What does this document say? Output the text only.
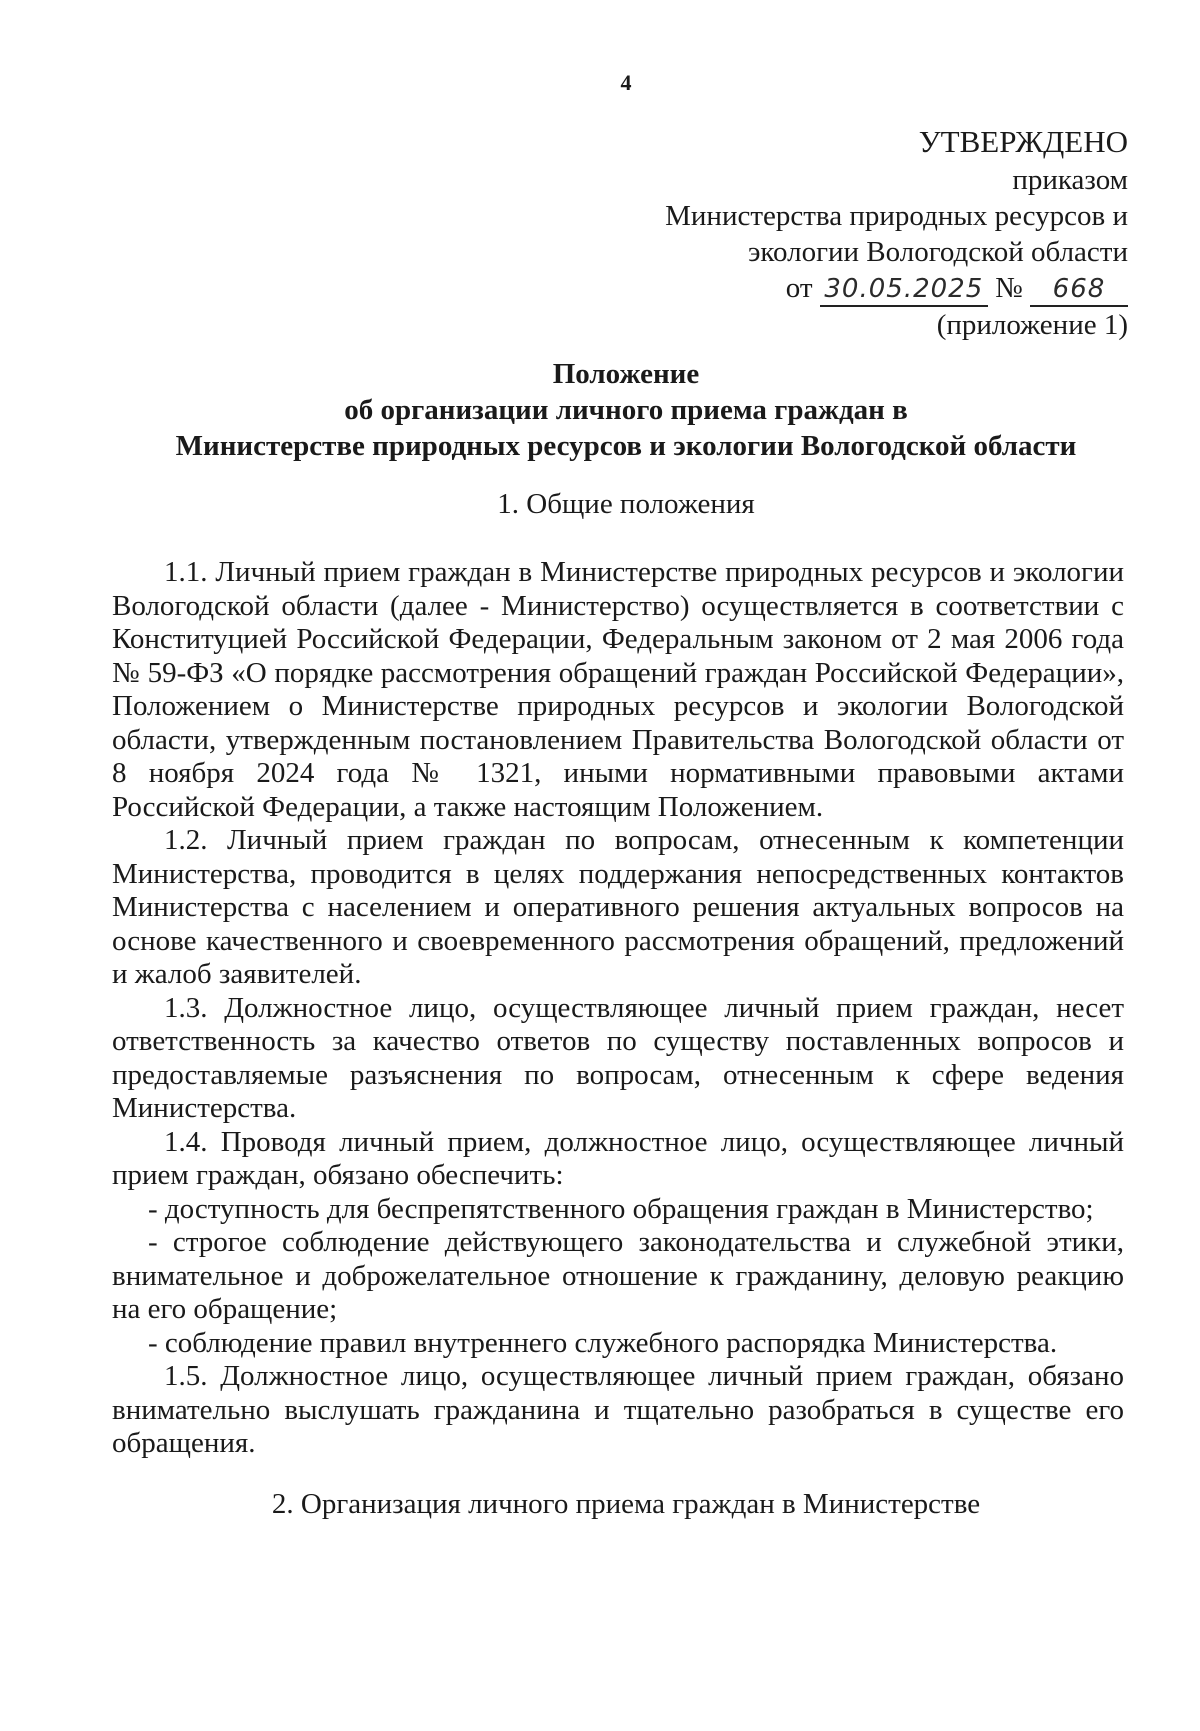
4
УТВЕРЖДЕНО
приказом
Министерства природных ресурсов и
экологии Вологодской области
от 30.05.2025 № 668
(приложение 1)
Положение
об организации личного приема граждан в
Министерстве природных ресурсов и экологии Вологодской области
1. Общие положения

1.1. Личный прием граждан в Министерстве природных ресурсов и экологии Вологодской области (далее - Министерство) осуществляется в соответствии с Конституцией Российской Федерации, Федеральным законом от 2 мая 2006 года № 59-ФЗ «О порядке рассмотрения обращений граждан Российской Федерации», Положением о Министерстве природных ресурсов и экологии Вологодской области, утвержденным постановлением Правительства Вологодской области от 8 ноября 2024 года № 1321, иными нормативными правовыми актами Российской Федерации, а также настоящим Положением.

1.2. Личный прием граждан по вопросам, отнесенным к компетенции Министерства, проводится в целях поддержания непосредственных контактов Министерства с населением и оперативного решения актуальных вопросов на основе качественного и своевременного рассмотрения обращений, предложений и жалоб заявителей.

1.3. Должностное лицо, осуществляющее личный прием граждан, несет ответственность за качество ответов по существу поставленных вопросов и предоставляемые разъяснения по вопросам, отнесенным к сфере ведения Министерства.

1.4. Проводя личный прием, должностное лицо, осуществляющее личный прием граждан, обязано обеспечить:

- доступность для беспрепятственного обращения граждан в Министерство;

- строгое соблюдение действующего законодательства и служебной этики, внимательное и доброжелательное отношение к гражданину, деловую реакцию на его обращение;

- соблюдение правил внутреннего служебного распорядка Министерства.

1.5. Должностное лицо, осуществляющее личный прием граждан, обязано внимательно выслушать гражданина и тщательно разобраться в существе его обращения.

2. Организация личного приема граждан в Министерстве
